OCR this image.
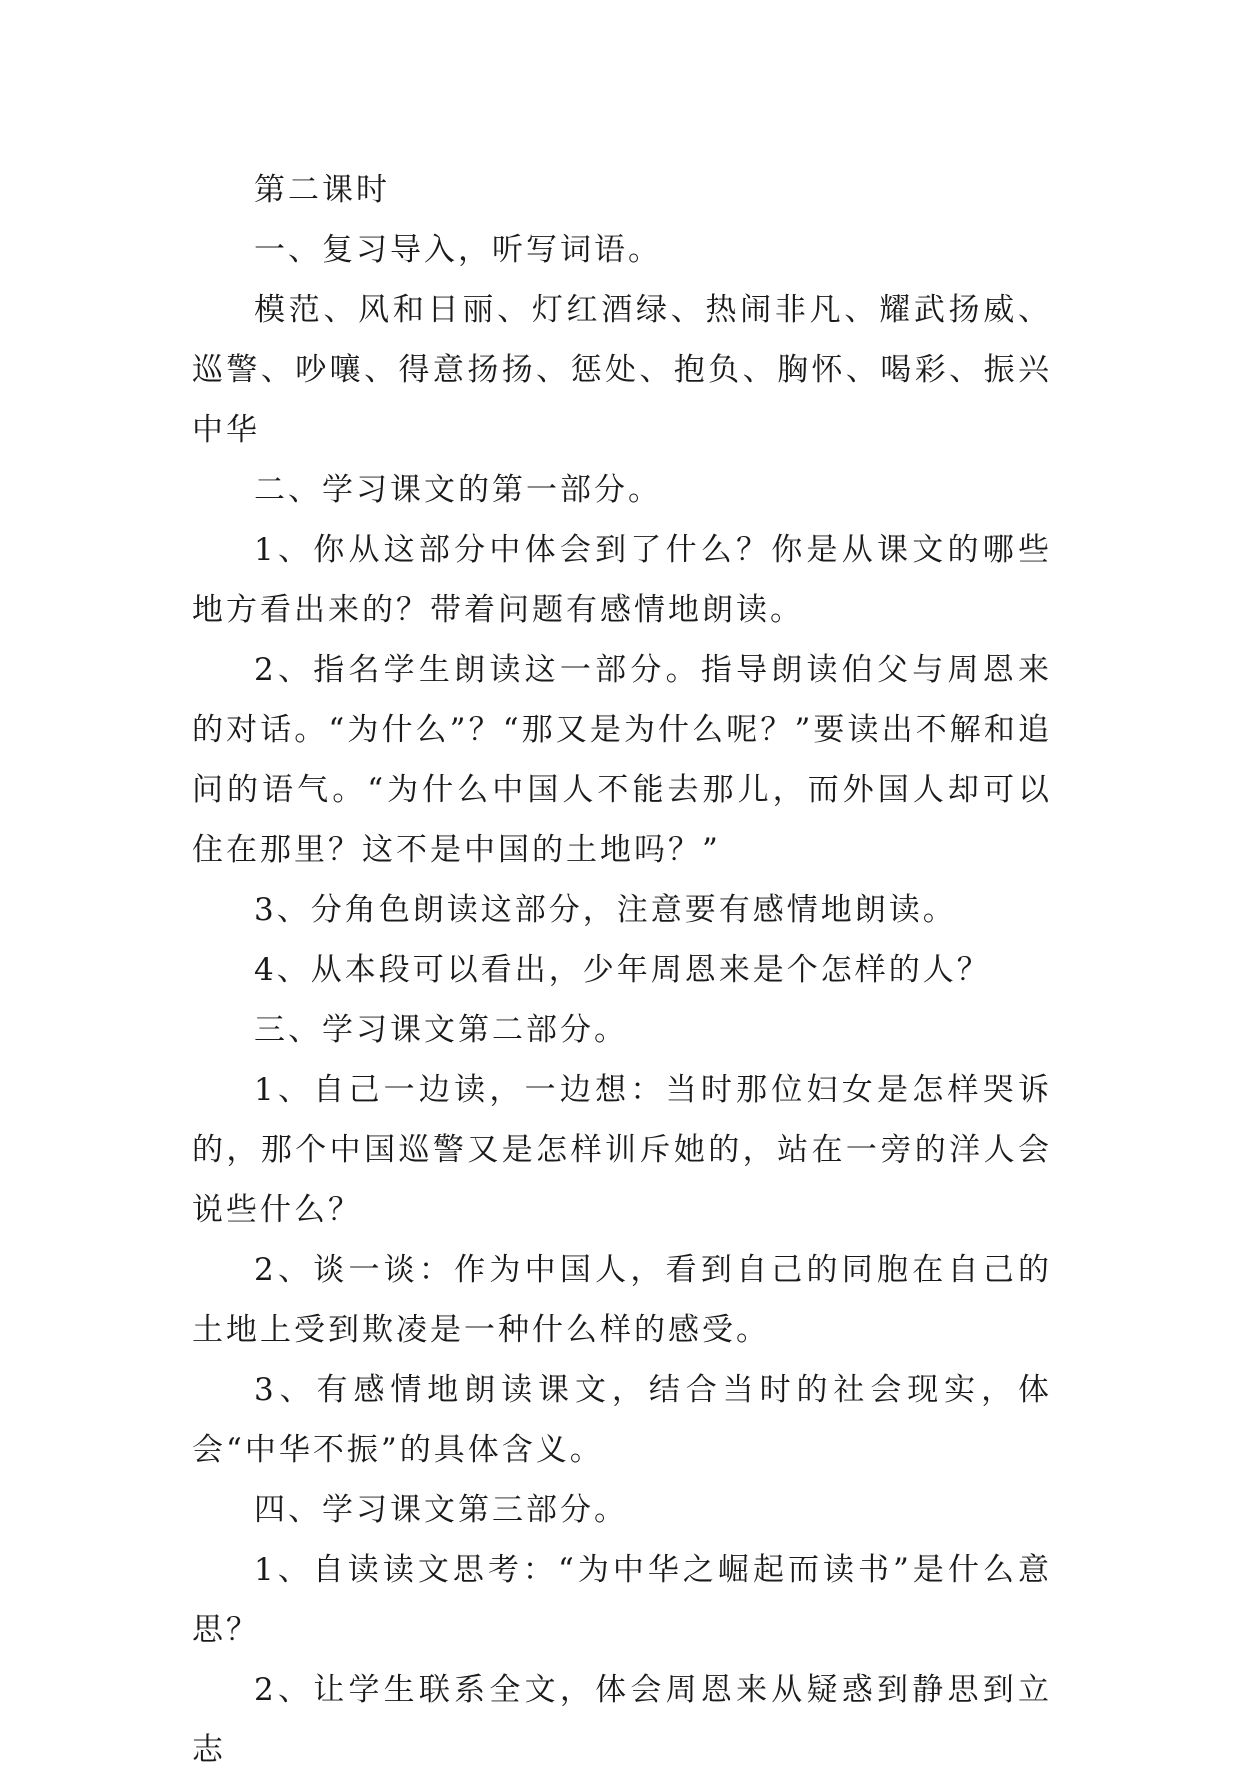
第二课时

一、复习导入，听写词语。

模范、风和日丽、灯红酒绿、热闹非凡、耀武扬威、巡警、吵嚷、得意扬扬、惩处、抱负、胸怀、喝彩、振兴中华

二、学习课文的第一部分。

1、你从这部分中体会到了什么？你是从课文的哪些地方看出来的？带着问题有感情地朗读。

2、指名学生朗读这一部分。指导朗读伯父与周恩来的对话。“为什么”？“那又是为什么呢？”要读出不解和追问的语气。“为什么中国人不能去那儿，而外国人却可以住在那里？这不是中国的土地吗？”

3、分角色朗读这部分，注意要有感情地朗读。

4、从本段可以看出，少年周恩来是个怎样的人？

三、学习课文第二部分。

1、自己一边读，一边想：当时那位妇女是怎样哭诉的，那个中国巡警又是怎样训斥她的，站在一旁的洋人会说些什么？

2、谈一谈：作为中国人，看到自己的同胞在自己的土地上受到欺凌是一种什么样的感受。

3、有感情地朗读课文，结合当时的社会现实，体会“中华不振”的具体含义。

四、学习课文第三部分。

1、自读读文思考：“为中华之崛起而读书”是什么意思？

2、让学生联系全文，体会周恩来从疑惑到静思到立志
